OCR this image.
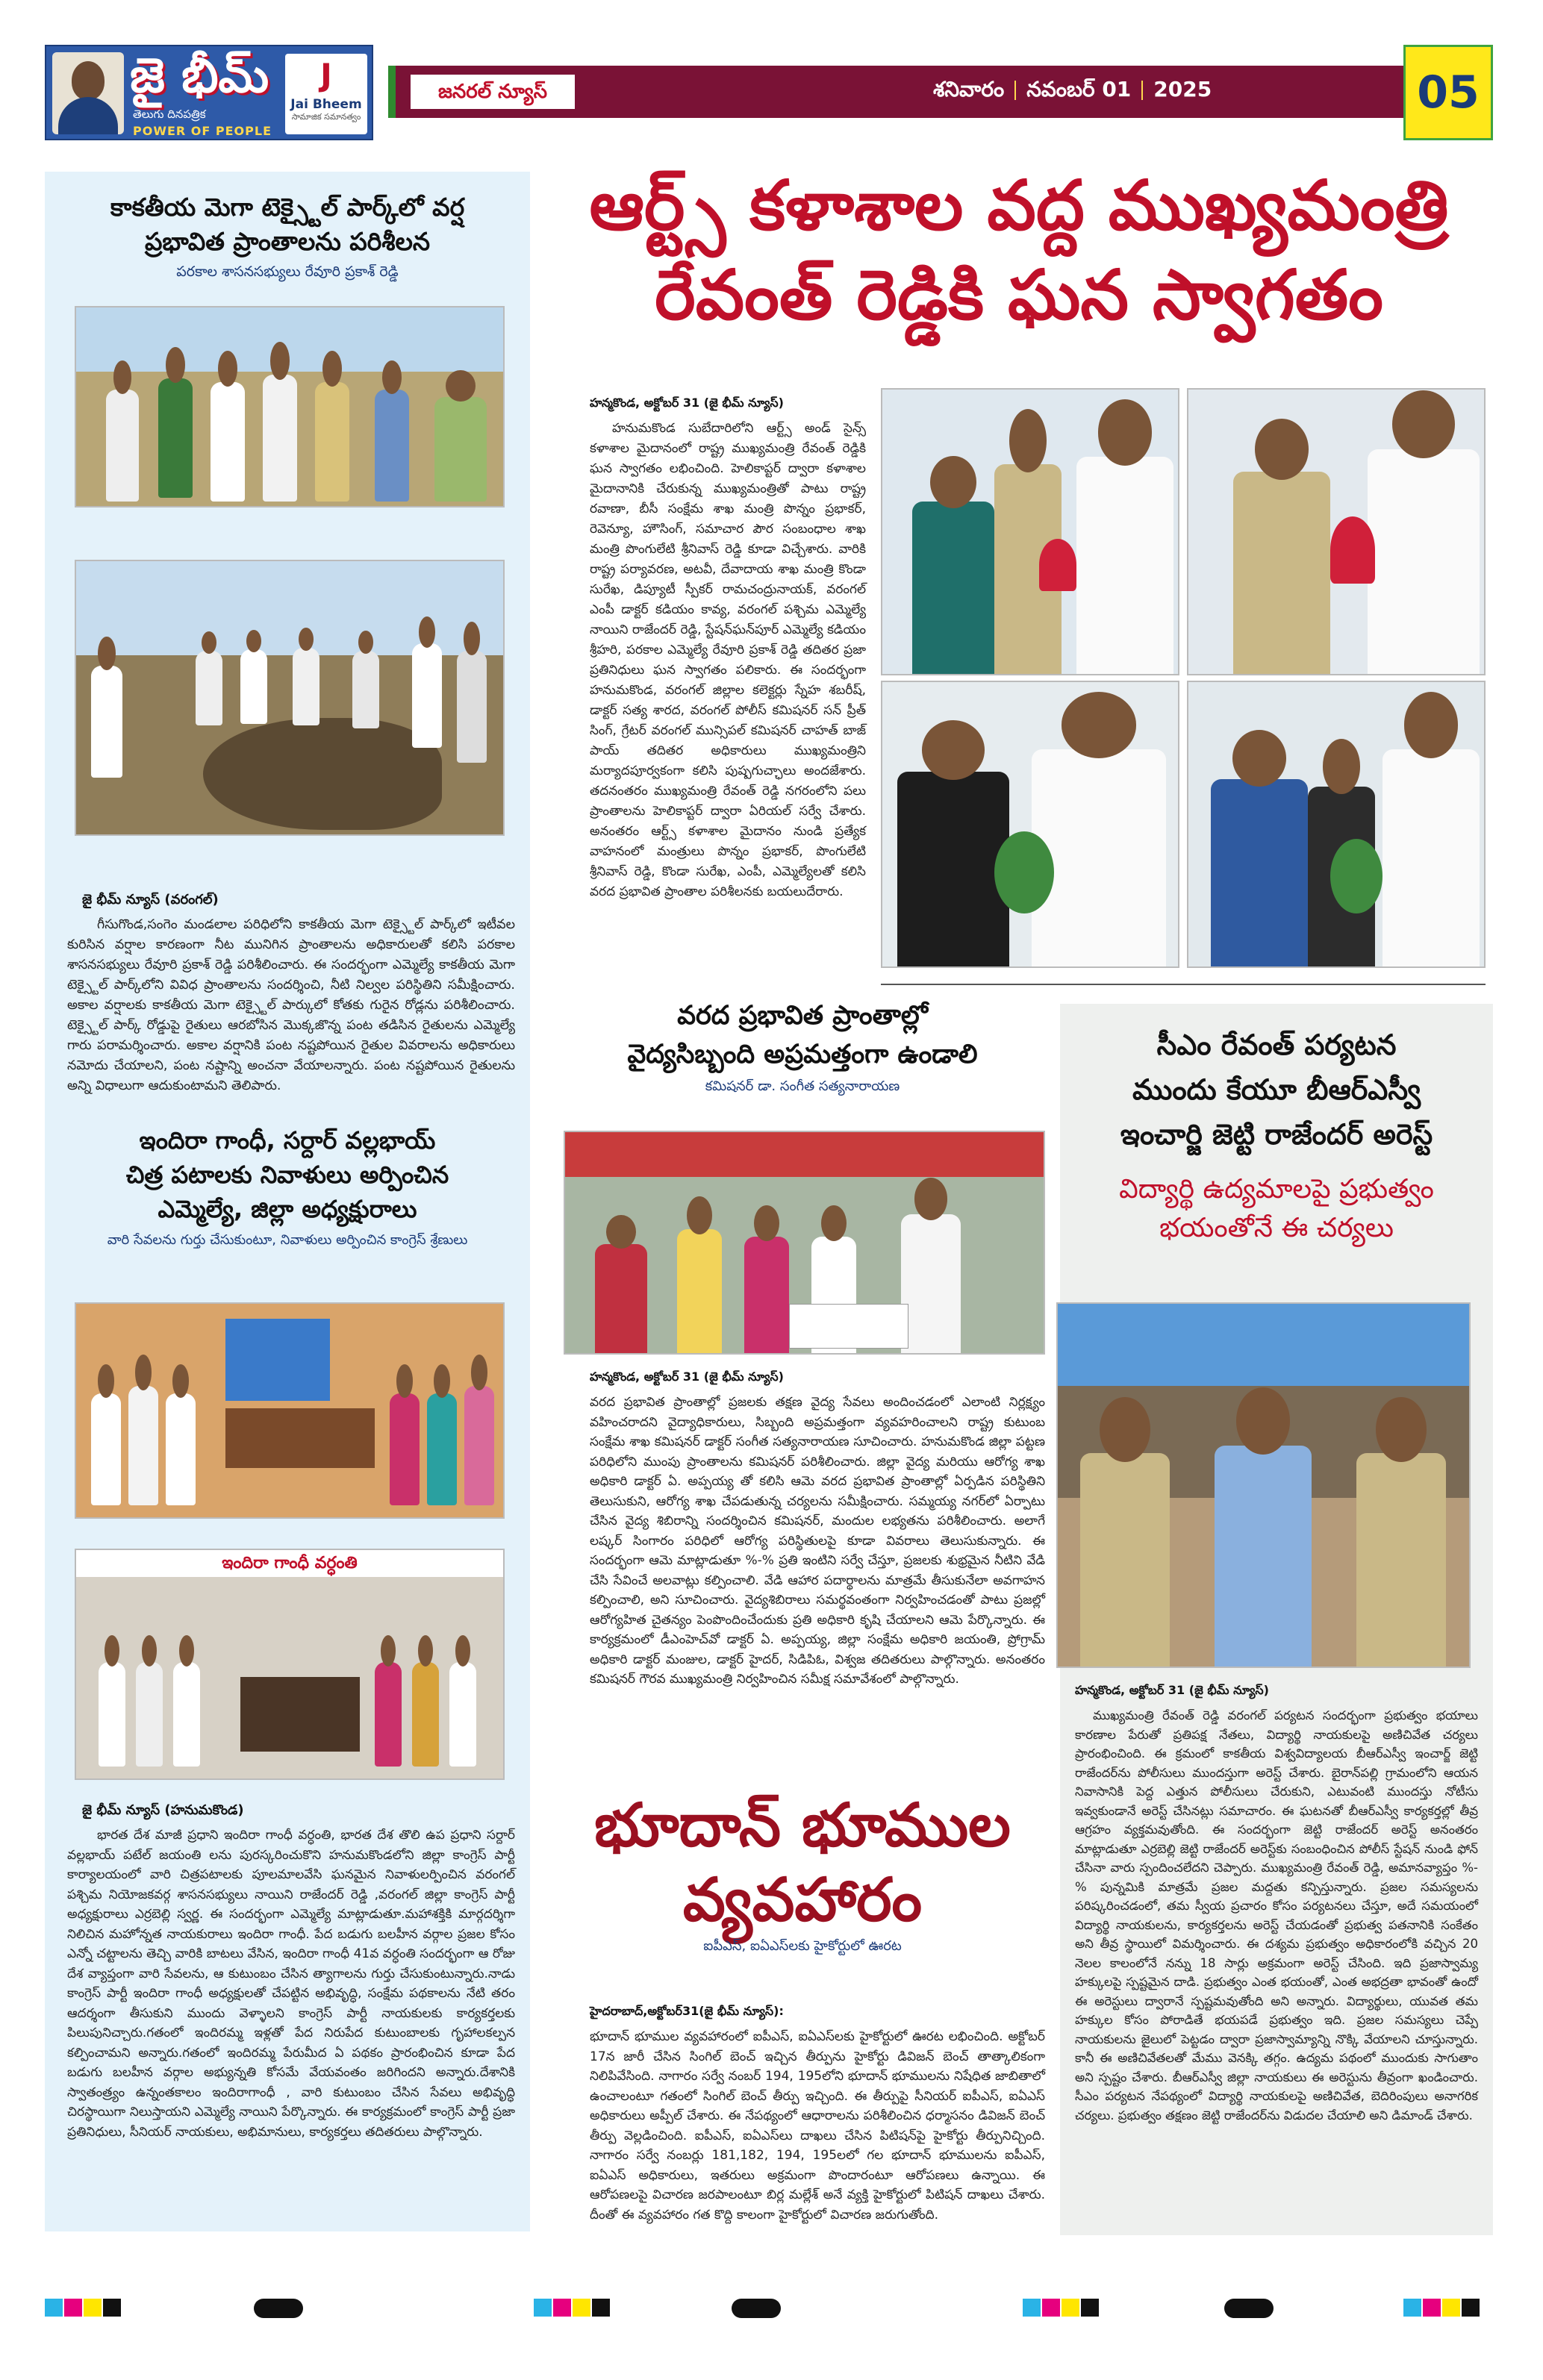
జై భీమ్
తెలుగు దినపత్రిక
POWER OF PEOPLE
J
Jai Bheem
సామాజిక సమానత్వం
జనరల్ న్యూస్	శనివారం నవంబర్ 01 2025	05
కాకతీయ మెగా టెక్స్టైల్ పార్క్‌లో వర్ష
ప్రభావిత ప్రాంతాలను పరిశీలన
పరకాల శాసనసభ్యులు రేవూరి ప్రకాశ్ రెడ్డి
జై భీమ్ న్యూస్ (వరంగల్)

గీసుగొండ,సంగెం మండలాల పరిధిలోని కాకతీయ మెగా టెక్స్టైల్ పార్క్‌లో ఇటీవల కురిసిన వర్షాల కారణంగా నీట మునిగిన ప్రాంతాలను అధికారులతో కలిసి పరకాల శాసనసభ్యులు రేవూరి ప్రకాశ్ రెడ్డి పరిశీలించారు. ఈ సందర్భంగా ఎమ్మెల్యే కాకతీయ మెగా టెక్స్టైల్ పార్క్‌లోని వివిధ ప్రాంతాలను సందర్శించి, నీటి నిల్వల పరిస్థితిని సమీక్షించారు. అకాల వర్షాలకు కాకతీయ మెగా టెక్స్టైల్ పార్కులో కోతకు గురైన రోడ్లను పరిశీలించారు. టెక్స్టైల్ పార్క్ రోడ్డుపై రైతులు ఆరబోసిన మొక్కజొన్న పంట తడిసిన రైతులను ఎమ్మెల్యే గారు పరామర్శించారు. అకాల వర్షానికి పంట నష్టపోయిన రైతుల వివరాలను అధికారులు నమోదు చేయాలని, పంట నష్టాన్ని అంచనా వేయాలన్నారు. పంట నష్టపోయిన రైతులను అన్ని విధాలుగా ఆదుకుంటామని తెలిపారు.

ఇందిరా గాంధీ, సర్దార్ వల్లభాయ్
చిత్ర పటాలకు నివాళులు అర్పించిన
ఎమ్మెల్యే, జిల్లా అధ్యక్షురాలు
వారి సేవలను గుర్తు చేసుకుంటూ, నివాళులు అర్పించిన కాంగ్రెస్ శ్రేణులు
ఇందిరా గాంధీ వర్ధంతి
జై భీమ్ న్యూస్ (హనుమకొండ)

భారత దేశ మాజీ ప్రధాని ఇందిరా గాంధీ వర్ధంతి, భారత దేశ తొలి ఉప ప్రధాని సర్దార్ వల్లభాయ్ పటేల్ జయంతి లను పురస్కరించుకొని హనుమకొండలోని జిల్లా కాంగ్రెస్ పార్టీ కార్యాలయంలో వారి చిత్రపటాలకు పూలమాలవేసి ఘనమైన నివాళులర్పించిన వరంగల్ పశ్చిమ నియోజకవర్గ శాసనసభ్యులు నాయిని రాజేందర్ రెడ్డి ,వరంగల్ జిల్లా కాంగ్రెస్ పార్టీ అధ్యక్షురాలు ఎర్రబెల్లి స్వర్ణ. ఈ సందర్భంగా ఎమ్మెల్యే మాట్లాడుతూ.మహాశక్తికి మార్గదర్శిగా నిలిచిన మహోన్నత నాయకురాలు ఇందిరా గాంధీ. పేద బడుగు బలహీన వర్గాల ప్రజల కోసం ఎన్నో చట్టాలను తెచ్చి వారికి బాటలు వేసిన, ఇందిరా గాంధీ 41వ వర్ధంతి సందర్భంగా ఆ రోజు దేశ వ్యాప్తంగా వారి సేవలను, ఆ కుటుంబం చేసిన త్యాగాలను గుర్తు చేసుకుంటున్నారు.నాడు కాంగ్రెస్ పార్టీ ఇందిరా గాంధీ అధ్యక్షులతో చేపట్టిన అభివృద్ధి, సంక్షేమ పథకాలను నేటి తరం ఆదర్శంగా తీసుకుని ముందు వెళ్ళాలని కాంగ్రెస్ పార్టీ నాయకులకు కార్యకర్తలకు పిలుపునిచ్చారు.గతంలో ఇందిరమ్మ ఇళ్లతో పేద నిరుపేద కుటుంబాలకు గృహాలకల్పన కల్పించామని అన్నారు.గతంలో ఇందిరమ్మ పేరుమీద ఏ పథకం ప్రారంభించిన కూడా పేద బడుగు బలహీన వర్గాల అభ్యున్నతి కోసమే వేయవంతం జరిగిందని అన్నారు.దేశానికి స్వాతంత్ర్యం ఉన్నంతకాలం ఇందిరాగాంధీ , వారి కుటుంబం చేసిన సేవలు అభివృద్ధి చిరస్థాయిగా నిలుస్తాయని ఎమ్మెల్యే నాయిని పేర్కొన్నారు. ఈ కార్యక్రమంలో కాంగ్రెస్ పార్టీ ప్రజా ప్రతినిధులు, సీనియర్ నాయకులు, అభిమానులు, కార్యకర్తలు తదితరులు పాల్గొన్నారు.

ఆర్ట్స్ కళాశాల వద్ద ముఖ్యమంత్రి
రేవంత్ రెడ్డికి ఘన స్వాగతం
హన్మకొండ, అక్టోబర్ 31 (జై భీమ్ న్యూస్)

హనుమకొండ సుబేదారిలోని ఆర్ట్స్ అండ్ సైన్స్ కళాశాల మైదానంలో రాష్ట్ర ముఖ్యమంత్రి రేవంత్ రెడ్డికి ఘన స్వాగతం లభించింది. హెలికాప్టర్ ద్వారా కళాశాల మైదానానికి చేరుకున్న ముఖ్యమంత్రితో పాటు రాష్ట్ర రవాణా, బీసీ సంక్షేమ శాఖ మంత్రి పొన్నం ప్రభాకర్, రెవెన్యూ, హౌసింగ్, సమాచార పౌర సంబంధాల శాఖ మంత్రి పొంగులేటి శ్రీనివాస్ రెడ్డి కూడా విచ్చేశారు. వారికి రాష్ట్ర పర్యావరణ, అటవీ, దేవాదాయ శాఖ మంత్రి కొండా సురేఖ, డిప్యూటీ స్పీకర్ రామచంద్రునాయక్, వరంగల్ ఎంపీ డాక్టర్ కడియం కావ్య, వరంగల్ పశ్చిమ ఎమ్మెల్యే నాయిని రాజేందర్ రెడ్డి, స్టేషన్‌ఘన్‌పూర్ ఎమ్మెల్యే కడియం శ్రీహరి, పరకాల ఎమ్మెల్యే రేవూరి ప్రకాశ్ రెడ్డి తదితర ప్రజా ప్రతినిధులు ఘన స్వాగతం పలికారు. ఈ సందర్భంగా హనుమకొండ, వరంగల్ జిల్లాల కలెక్టర్లు స్నేహ శబరీష్, డాక్టర్ సత్య శారద, వరంగల్ పోలీస్ కమిషనర్ సన్ ప్రీత్ సింగ్, గ్రేటర్ వరంగల్ మున్సిపల్ కమిషనర్ చాహత్ బాజ్ పాయ్ తదితర అధికారులు ముఖ్యమంత్రిని మర్యాదపూర్వకంగా కలిసి పుష్పగుచ్ఛాలు అందజేశారు. తదనంతరం ముఖ్యమంత్రి రేవంత్ రెడ్డి నగరంలోని పలు ప్రాంతాలను హెలికాప్టర్ ద్వారా ఏరియల్ సర్వే చేశారు. అనంతరం ఆర్ట్స్ కళాశాల మైదానం నుండి ప్రత్యేక వాహనంలో మంత్రులు పొన్నం ప్రభాకర్, పొంగులేటి శ్రీనివాస్ రెడ్డి, కొండా సురేఖ, ఎంపీ, ఎమ్మెల్యేలతో కలిసి వరద ప్రభావిత ప్రాంతాల పరిశీలనకు బయలుదేరారు.

వరద ప్రభావిత ప్రాంతాల్లో
వైద్యసిబ్బంది అప్రమత్తంగా ఉండాలి
కమిషనర్ డా. సంగీత సత్యనారాయణ
హన్మకొండ, అక్టోబర్ 31 (జై భీమ్ న్యూస్)

వరద ప్రభావిత ప్రాంతాల్లో ప్రజలకు తక్షణ వైద్య సేవలు అందించడంలో ఎలాంటి నిర్లక్ష్యం వహించరాదని వైద్యాధికారులు, సిబ్బంది అప్రమత్తంగా వ్యవహరించాలని రాష్ట్ర కుటుంబ సంక్షేమ శాఖ కమిషనర్ డాక్టర్ సంగీత సత్యనారాయణ సూచించారు. హనుమకొండ జిల్లా పట్టణ పరిధిలోని ముంపు ప్రాంతాలను కమిషనర్ పరిశీలించారు. జిల్లా వైద్య మరియు ఆరోగ్య శాఖ అధికారి డాక్టర్ ఏ. అప్పయ్య తో కలిసి ఆమె వరద ప్రభావిత ప్రాంతాల్లో ఏర్పడిన పరిస్థితిని తెలుసుకుని, ఆరోగ్య శాఖ చేపడుతున్న చర్యలను సమీక్షించారు. సమ్మయ్య నగర్‌లో ఏర్పాటు చేసిన వైద్య శిబిరాన్ని సందర్శించిన కమిషనర్, మందుల లభ్యతను పరిశీలించారు. అలాగే లష్కర్ సింగారం పరిధిలో ఆరోగ్య పరిస్థితులపై కూడా వివరాలు తెలుసుకున్నారు. ఈ సందర్భంగా ఆమె మాట్లాడుతూ %-% ప్రతి ఇంటిని సర్వే చేస్తూ, ప్రజలకు శుభ్రమైన నీటిని వేడి చేసి సేవించే అలవాట్లు కల్పించాలి. వేడి ఆహార పదార్థాలను మాత్రమే తీసుకునేలా అవగాహన కల్పించాలి, అని సూచించారు. వైద్యశిబిరాలు సమర్థవంతంగా నిర్వహించడంతో పాటు ప్రజల్లో ఆరోగ్యహిత చైతన్యం పెంపొందించేందుకు ప్రతి అధికారి కృషి చేయాలని ఆమె పేర్కొన్నారు. ఈ కార్యక్రమంలో డీఎంహెచ్‌వో డాక్టర్ ఏ. అప్పయ్య, జిల్లా సంక్షేమ అధికారి జయంతి, ప్రోగ్రామ్ అధికారి డాక్టర్ మంజుల, డాక్టర్ హైదర్, సిడిపిఓ, విశ్వజ తదితరులు పాల్గొన్నారు. అనంతరం కమిషనర్ గౌరవ ముఖ్యమంత్రి నిర్వహించిన సమీక్ష సమావేశంలో పాల్గొన్నారు.

భూదాన్ భూముల
వ్యవహారం
ఐపీఎస్, ఐఏఎస్‌లకు హైకోర్టులో ఊరట
హైదరాబాద్,అక్టోబర్31(జై భీమ్ న్యూస్):

భూదాన్ భూముల వ్యవహారంలో ఐపీఎస్, ఐఏఎస్‌లకు హైకోర్టులో ఊరట లభించింది. అక్టోబర్ 17న జారీ చేసిన సింగిల్ బెంచ్ ఇచ్చిన తీర్పును హైకోర్టు డివిజన్ బెంచ్ తాత్కాలికంగా నిలిపివేసింది. నాగారం సర్వే నంబర్ 194, 195లోని భూదాన్ భూములను నిషేధిత జాబితాలో ఉంచాలంటూ గతంలో సింగిల్ బెంచ్ తీర్పు ఇచ్చింది. ఈ తీర్పుపై సీనియర్ ఐపీఎస్, ఐఏఎస్ అధికారులు అప్పీల్ చేశారు. ఈ నేపథ్యంలో ఆధారాలను పరిశీలించిన ధర్మాసనం డివిజన్ బెంచ్ తీర్పు వెల్లడించింది. ఐపీఎస్, ఐఏఎస్‌లు దాఖలు చేసిన పిటిషన్‌పై హైకోర్టు తీర్పునిచ్చింది. నాగారం సర్వే నంబర్లు 181,182, 194, 195లలో గల భూదాన్ భూములను ఐపీఎస్, ఐఏఎస్ అధికారులు, ఇతరులు అక్రమంగా పొందారంటూ ఆరోపణలు ఉన్నాయి. ఈ ఆరోపణలపై విచారణ జరపాలంటూ బిర్ల మల్లేశ్ అనే వ్యక్తి హైకోర్టులో పిటిషన్ దాఖలు చేశారు. దీంతో ఈ వ్యవహారం గత కొద్ది కాలంగా హైకోర్టులో విచారణ జరుగుతోంది.

సీఎం రేవంత్ పర్యటన
ముందు కేయూ బీఆర్ఎస్వీ
ఇంచార్జి జెట్టి రాజేందర్ అరెస్ట్
విద్యార్థి ఉద్యమాలపై ప్రభుత్వం
భయంతోనే ఈ చర్యలు
హన్మకొండ, అక్టోబర్ 31 (జై భీమ్ న్యూస్)

ముఖ్యమంత్రి రేవంత్ రెడ్డి వరంగల్ పర్యటన సందర్భంగా ప్రభుత్వం భయాలు కారణాల పేరుతో ప్రతిపక్ష నేతలు, విద్యార్థి నాయకులపై అణిచివేత చర్యలు ప్రారంభించింది. ఈ క్రమంలో కాకతీయ విశ్వవిద్యాలయ బీఆర్ఎస్వీ ఇంచార్జ్ జెట్టి రాజేందర్‌ను పోలీసులు ముందస్తుగా అరెస్ట్ చేశారు. బైరాన్‌పల్లి గ్రామంలోని ఆయన నివాసానికి పెద్ద ఎత్తున పోలీసులు చేరుకుని, ఎటువంటి ముందస్తు నోటీసు ఇవ్వకుండానే అరెస్ట్ చేసినట్లు సమాచారం. ఈ ఘటనతో బీఆర్ఎస్వీ కార్యకర్తల్లో తీవ్ర ఆగ్రహం వ్యక్తమవుతోంది. ఈ సందర్భంగా జెట్టి రాజేందర్ అరెస్ట్ అనంతరం మాట్లాడుతూ ఎర్రబెల్లి జెట్టి రాజేందర్ అరెస్ట్‌కు సంబంధించిన పోలీస్ స్టేషన్ నుండి ఫోన్ చేసినా వారు స్పందించలేదని చెప్పారు. ముఖ్యమంత్రి రేవంత్ రెడ్డి, అమానవ్యాప్తం %-% పున్నమికి మాత్రమే ప్రజల మద్దతు కన్పిస్తున్నారు. ప్రజల సమస్యలను పరిష్కరించడంలో, తమ స్వీయ ప్రచారం కోసం పర్యటనలు చేస్తూ, అదే సమయంలో విద్యార్థి నాయకులను, కార్యకర్తలను అరెస్ట్ చేయడంతో ప్రభుత్వ పతనానికి సంకేతం అని తీవ్ర స్థాయిలో విమర్శించారు. ఈ దశ్యమ ప్రభుత్వం అధికారంలోకి వచ్చిన 20 నెలల కాలంలోనే నన్ను 18 సార్లు అక్రమంగా అరెస్ట్ చేసింది. ఇది ప్రజాస్వామ్య హక్కులపై స్పష్టమైన దాడి. ప్రభుత్వం ఎంత భయంతో, ఎంత అభద్రతా భావంతో ఉందో ఈ అరెస్టులు ద్వారానే స్పష్టమవుతోంది అని అన్నారు. విద్యార్థులు, యువత తమ హక్కుల కోసం పోరాడితే భయపడే ప్రభుత్వం ఇది. ప్రజల సమస్యలు చెప్పే నాయకులను జైలులో పెట్టడం ద్వారా ప్రజాస్వామ్యాన్ని నొక్కి వేయాలని చూస్తున్నారు. కానీ ఈ అణిచివేతలతో మేము వెనక్కి తగ్గం. ఉద్యమ పథంలో ముందుకు సాగుతాం అని స్పష్టం చేశారు. బీఆర్ఎస్వీ జిల్లా నాయకులు ఈ అరెస్టును తీవ్రంగా ఖండించారు. సీఎం పర్యటన నేపథ్యంలో విద్యార్థి నాయకులపై అణిచివేత, బెదిరింపులు అనాగరిక చర్యలు. ప్రభుత్వం తక్షణం జెట్టి రాజేందర్‌ను విడుదల చేయాలి అని డిమాండ్ చేశారు.
